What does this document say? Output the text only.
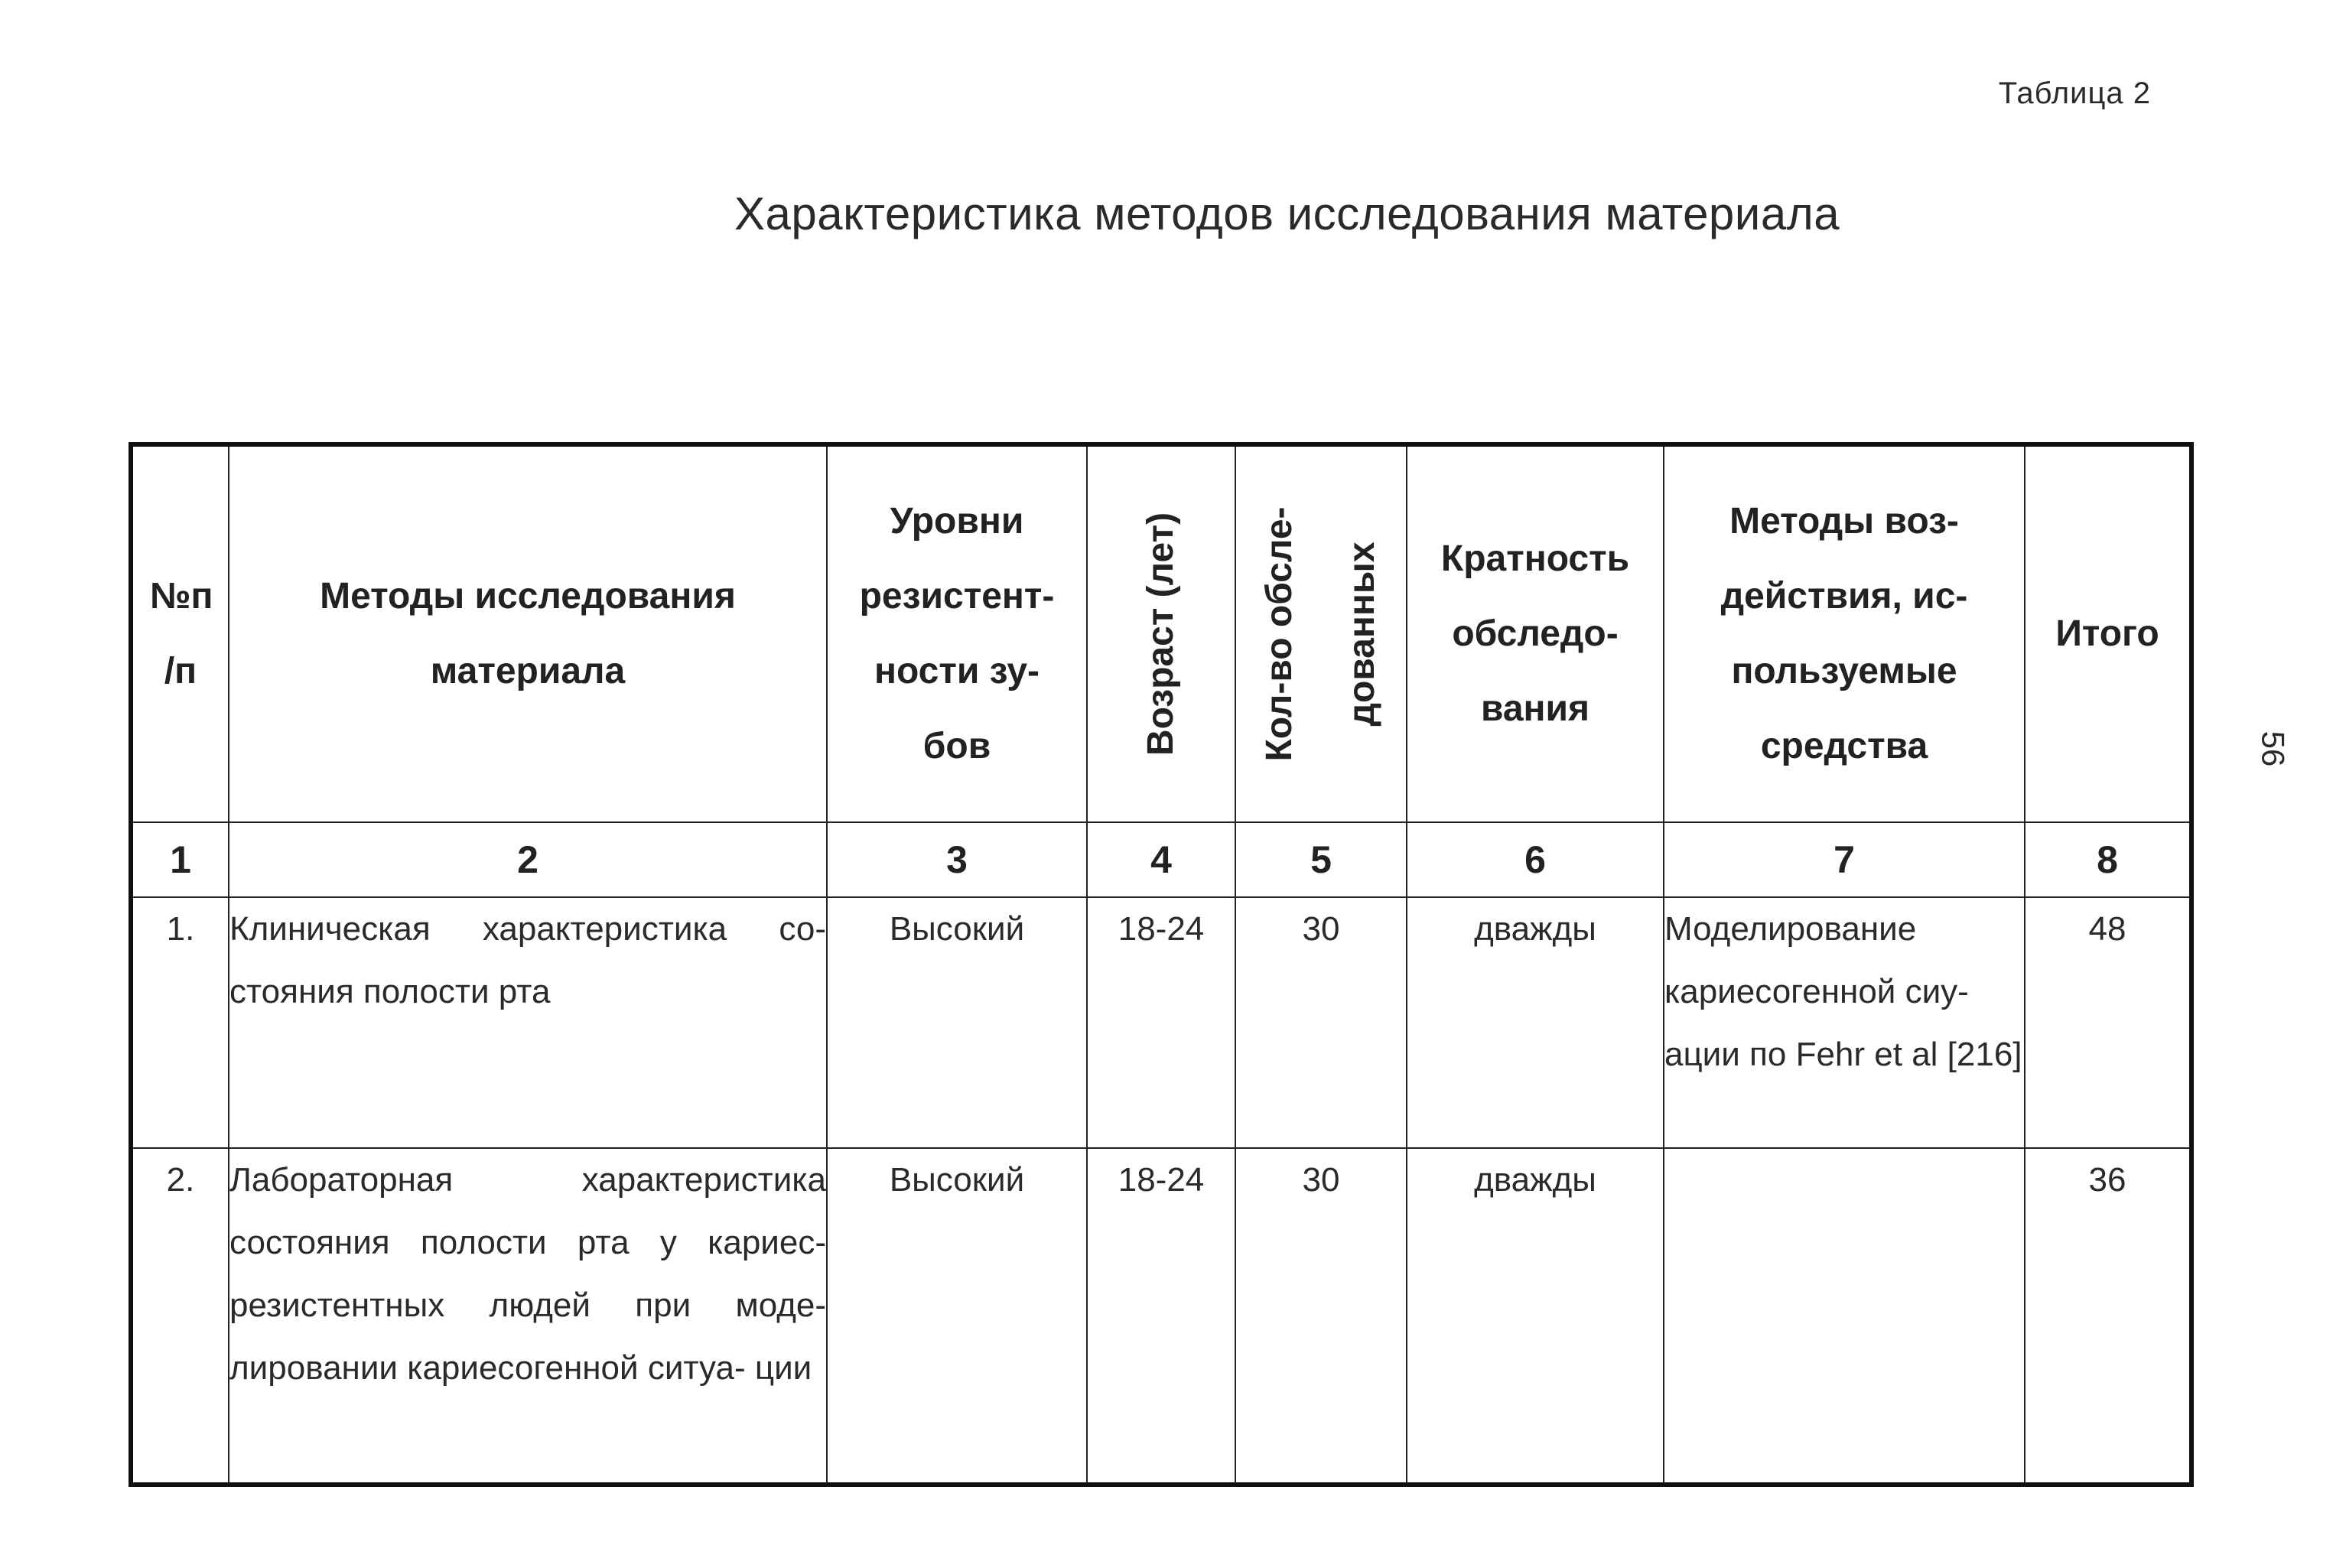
Таблица 2
Характеристика методов исследования материала
56
№п /п	Методы исследования материала	Уровни резистент- ности зу- бов	Возраст (лет)	Кол-во обсле- дованных	Кратность обследо- вания	Методы воз- действия, ис- пользуемые средства	Итого
1	2	3	4	5	6	7	8
1.	Клиническая характеристика со- стояния полости рта	Высокий	18-24	30	дважды	Моделирование кариесогенной сиу- ации по Fehr et al [216]	48
2.	Лабораторная характеристика состояния полости рта у кариес- резистентных людей при моде- лировании кариесогенной ситуа- ции	Высокий	18-24	30	дважды		36
